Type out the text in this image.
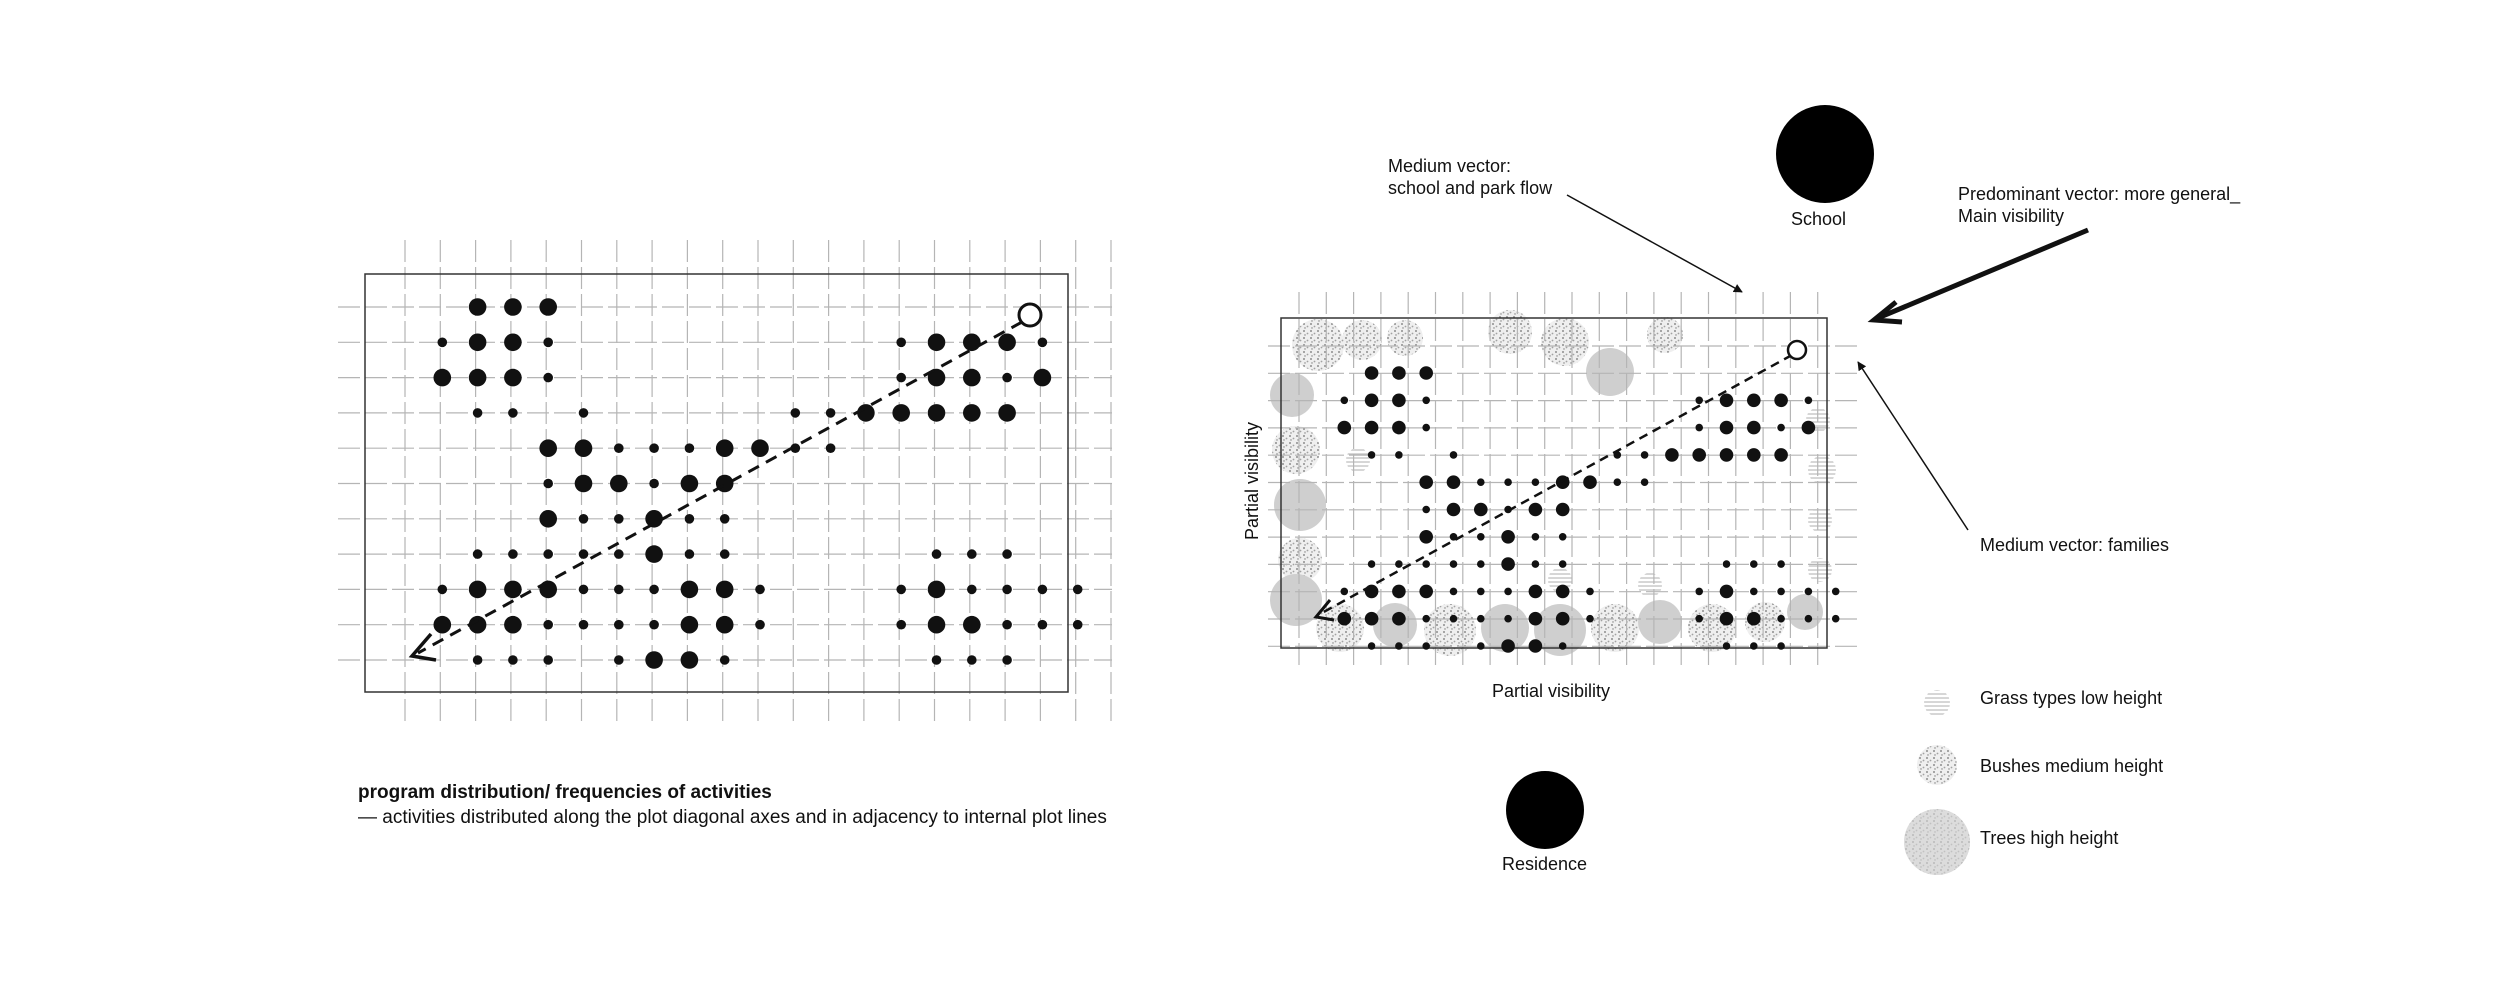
Medium vector:
school and park flow
School
Predominant vector: more general_
Main visibility
Medium vector: families
Partial visibility
Partial visibility
Residence
Grass types low height
Bushes medium height
Trees high height
program distribution/ frequencies of activities
— activities distributed along the plot diagonal axes and in adjacency to internal plot lines
